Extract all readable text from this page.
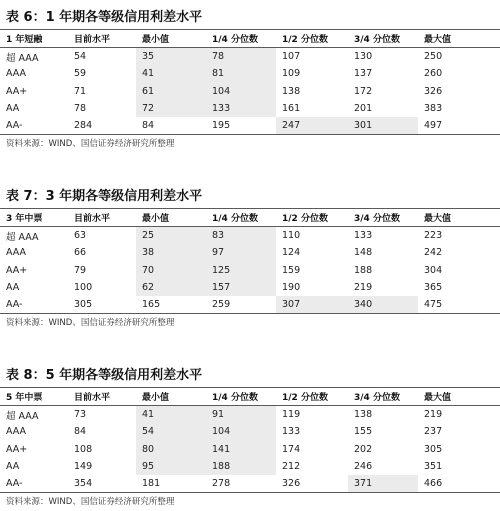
表 6：1 年期各等级信用利差水平
1 年短融	目前水平	最小值	1/4 分位数	1/2 分位数	3/4 分位数	最大值
超 AAA	54	35	78	107	130	250
AAA	59	41	81	109	137	260
AA+	71	61	104	138	172	326
AA	78	72	133	161	201	383
AA-	284	84	195	247	301	497
资料来源：WIND、国信证券经济研究所整理
表 7：3 年期各等级信用利差水平
3 年中票	目前水平	最小值	1/4 分位数	1/2 分位数	3/4 分位数	最大值
超 AAA	63	25	83	110	133	223
AAA	66	38	97	124	148	242
AA+	79	70	125	159	188	304
AA	100	62	157	190	219	365
AA-	305	165	259	307	340	475
资料来源：WIND、国信证券经济研究所整理
表 8：5 年期各等级信用利差水平
5 年中票	目前水平	最小值	1/4 分位数	1/2 分位数	3/4 分位数	最大值
超 AAA	73	41	91	119	138	219
AAA	84	54	104	133	155	237
AA+	108	80	141	174	202	305
AA	149	95	188	212	246	351
AA-	354	181	278	326	371	466
资料来源：WIND、国信证券经济研究所整理
